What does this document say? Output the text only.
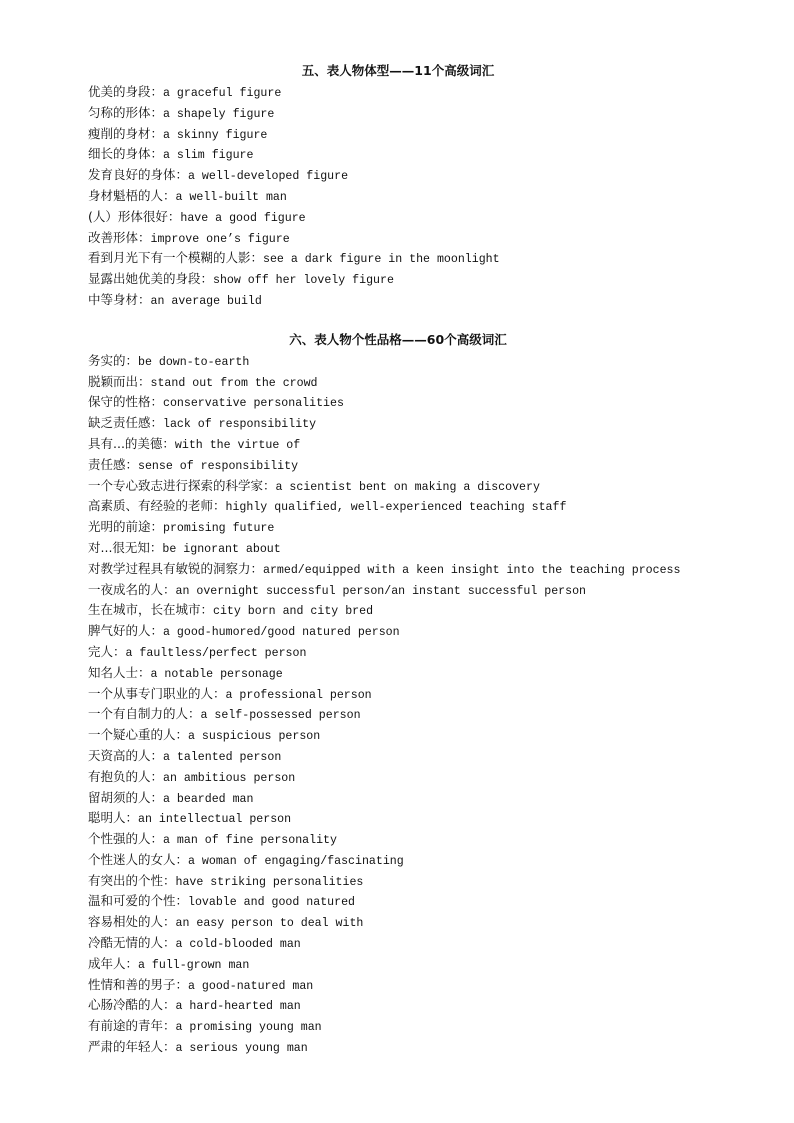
五、表人物体型——11个高级词汇
优美的身段：a graceful figure
匀称的形体：a shapely figure
瘦削的身材：a skinny figure
细长的身体：a slim figure
发育良好的身体：a well-developed figure
身材魁梧的人：a well-built man
(人）形体很好：have a good figure
改善形体：improve one’s figure
看到月光下有一个模糊的人影：see a dark figure in the moonlight
显露出她优美的身段：show off her lovely figure
中等身材：an average build
六、表人物个性品格——60个高级词汇
务实的：be down-to-earth
脱颖而出：stand out from the crowd
保守的性格：conservative personalities
缺乏责任感：lack of responsibility
具有...的美德：with the virtue of
责任感：sense of responsibility
一个专心致志进行探索的科学家：a scientist bent on making a discovery
高素质、有经验的老师：highly qualified, well-experienced teaching staff
光明的前途：promising future
对...很无知：be ignorant about
对教学过程具有敏锐的洞察力：armed/equipped with a keen insight into the teaching process
一夜成名的人：an overnight successful person/an instant successful person
生在城市，长在城市：city born and city bred
脾气好的人：a good-humored/good natured person
完人：a faultless/perfect person
知名人士：a notable personage
一个从事专门职业的人：a professional person
一个有自制力的人：a self-possessed person
一个疑心重的人：a suspicious person
天资高的人：a talented person
有抱负的人：an ambitious person
留胡须的人：a bearded man
聪明人：an intellectual person
个性强的人：a man of fine personality
个性迷人的女人：a woman of engaging/fascinating
有突出的个性：have striking personalities
温和可爱的个性：lovable and good natured
容易相处的人：an easy person to deal with
冷酷无情的人：a cold-blooded man
成年人：a full-grown man
性情和善的男子：a good-natured man
心肠冷酷的人：a hard-hearted man
有前途的青年：a promising young man
严肃的年轻人：a serious young man
